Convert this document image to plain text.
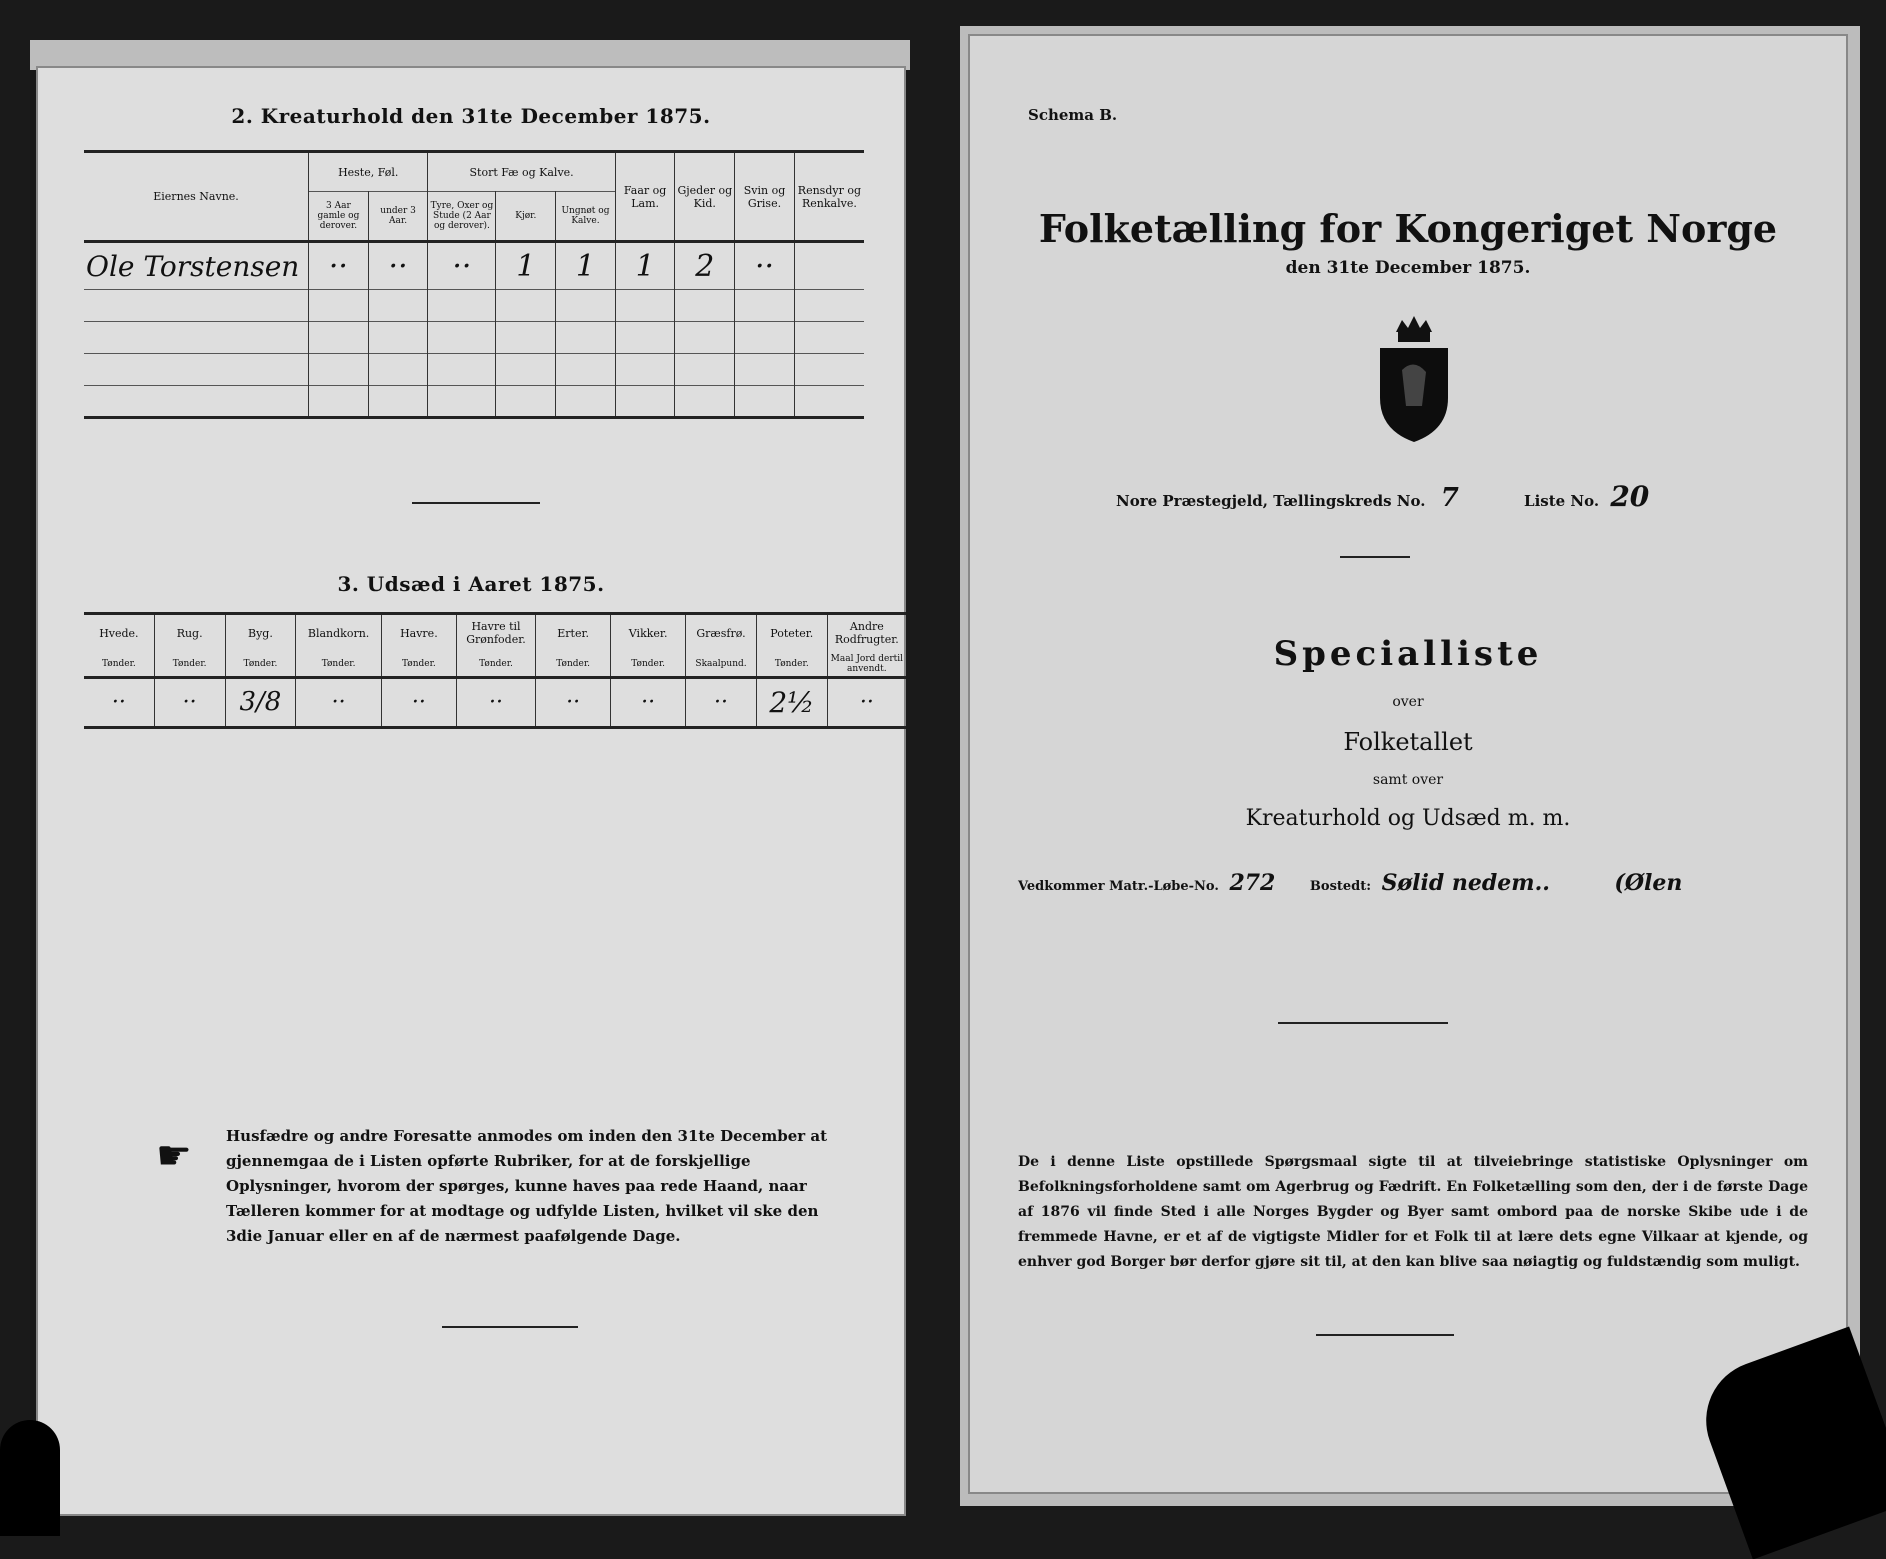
2. Kreaturhold den 31te December 1875.
Eiernes Navne.	Heste, Føl.		Stort Fæ og Kalve.			Faar og Lam.	Gjeder og Kid.	Svin og Grise.	Rensdyr og Renkalve.
	3 Aar gamle og derover.	under 3 Aar.	Tyre, Oxer og Stude (2 Aar og derover).	Kjør.	Ungnøt og Kalve.				
Ole Torstensen	··	··	··	1	1	1	2	··	

3. Udsæd i Aaret 1875.
Hvede.	Rug.	Byg.	Blandkorn.	Havre.	Havre til Grønfoder.	Erter.	Vikker.	Græsfrø.	Poteter.	Andre Rodfrugter.
Tønder.	Tønder.	Tønder.	Tønder.	Tønder.	Tønder.	Tønder.	Tønder.	Skaalpund.	Tønder.	Maal Jord dertil anvendt.
··	··	3/8	··	··	··	··	··	··	2½	··
☛ Husfædre og andre Foresatte anmodes om inden den 31te December at gjennemgaa de i Listen opførte Rubriker, for at de forskjellige Oplysninger, hvorom der spørges, kunne haves paa rede Haand, naar Tælleren kommer for at modtage og udfylde Listen, hvilket vil ske den 3die Januar eller en af de nærmest paafølgende Dage.
Schema B.
Folketælling for Kongeriget Norge
den 31te December 1875.
Nore Præstegjeld, Tællingskreds No. 7	Liste No. 20
Specialliste
over
Folketallet
samt over
Kreaturhold og Udsæd m. m.
Vedkommer Matr.-Løbe-No. 272	Bostedt: Sølid nedem..	(Ølen
De i denne Liste opstillede Spørgsmaal sigte til at tilveiebringe statistiske Oplysninger om Befolkningsforholdene samt om Agerbrug og Fædrift. En Folketælling som den, der i de første Dage af 1876 vil finde Sted i alle Norges Bygder og Byer samt ombord paa de norske Skibe ude i de fremmede Havne, er et af de vigtigste Midler for et Folk til at lære dets egne Vilkaar at kjende, og enhver god Borger bør derfor gjøre sit til, at den kan blive saa nøiagtig og fuldstændig som muligt.
